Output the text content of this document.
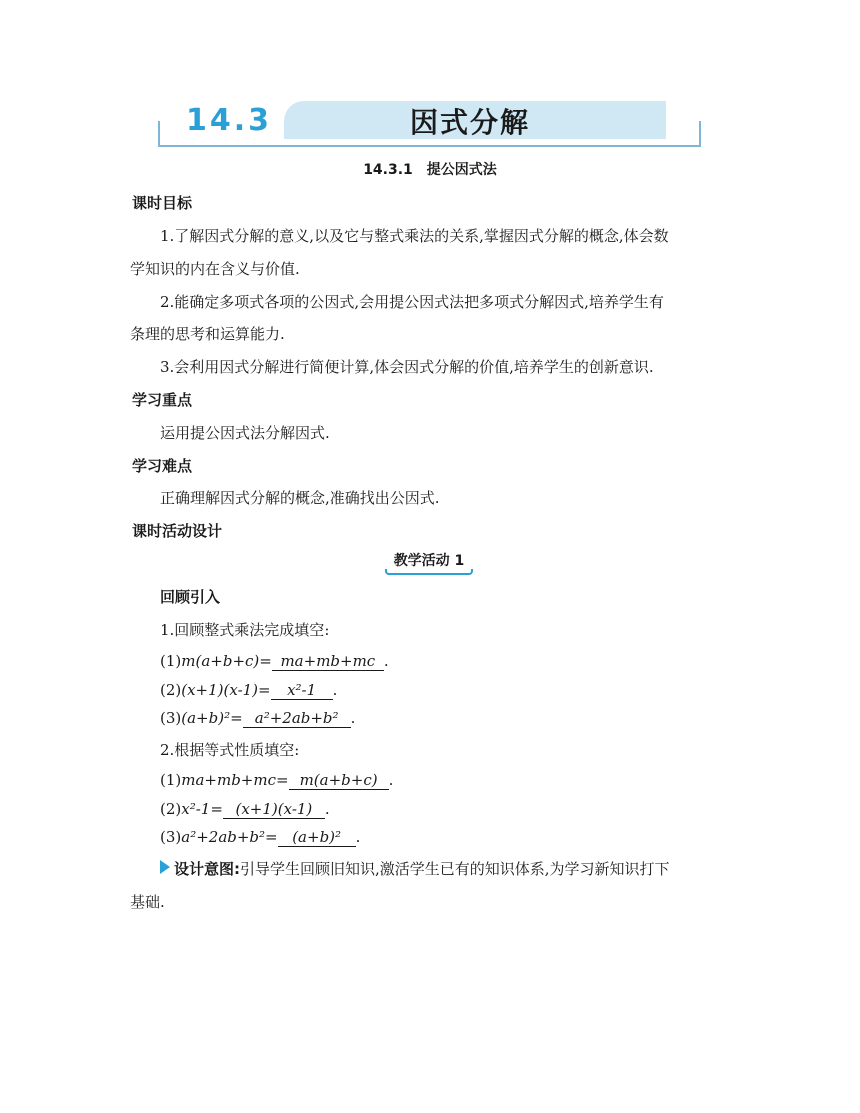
14.3	因式分解
14.3.1　提公因式法
课时目标
1.了解因式分解的意义,以及它与整式乘法的关系,掌握因式分解的概念,体会数
学知识的内在含义与价值.
2.能确定多项式各项的公因式,会用提公因式法把多项式分解因式,培养学生有
条理的思考和运算能力.
3.会利用因式分解进行简便计算,体会因式分解的价值,培养学生的创新意识.
学习重点
运用提公因式法分解因式.
学习难点
正确理解因式分解的概念,准确找出公因式.
课时活动设计
教学活动 1
回顾引入
1.回顾整式乘法完成填空:
(1)m(a+b+c)= ma+mb+mc .
(2)(x+1)(x-1)= x²-1 .
(3)(a+b)²= a²+2ab+b² .
2.根据等式性质填空:
(1)ma+mb+mc= m(a+b+c) .
(2)x²-1= (x+1)(x-1) .
(3)a²+2ab+b²= (a+b)² .
设计意图:引导学生回顾旧知识,激活学生已有的知识体系,为学习新知识打下
基础.
